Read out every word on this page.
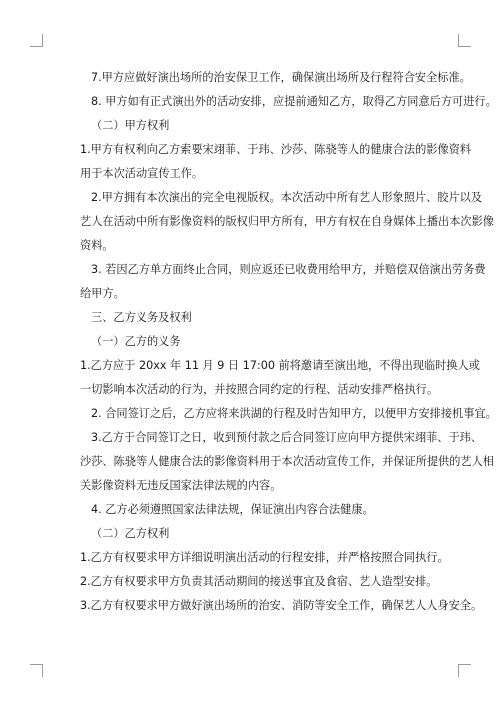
7.甲方应做好演出场所的治安保卫工作，确保演出场所及行程符合安全标准。
8. 甲方如有正式演出外的活动安排，应提前通知乙方，取得乙方同意后方可进行。
（二）甲方权利
1.甲方有权利向乙方索要宋翊菲、于玮、沙莎、陈骁等人的健康合法的影像资料
用于本次活动宣传工作。
2.甲方拥有本次演出的完全电视版权。本次活动中所有艺人形象照片、胶片以及
艺人在活动中所有影像资料的版权归甲方所有，甲方有权在自身媒体上播出本次影像
资料。
3. 若因乙方单方面终止合同，则应返还已收费用给甲方，并赔偿双倍演出劳务费
给甲方。
三、乙方义务及权利
（一）乙方的义务
1.乙方应于 20xx 年 11 月 9 日 17:00 前将邀请至演出地，不得出现临时换人或
一切影响本次活动的行为，并按照合同约定的行程、活动安排严格执行。
2. 合同签订之后，乙方应将来洪湖的行程及时告知甲方，以便甲方安排接机事宜。
3.乙方于合同签订之日，收到预付款之后合同签订应向甲方提供宋翊菲、于玮、
沙莎、陈骁等人健康合法的影像资料用于本次活动宣传工作，并保证所提供的艺人相
关影像资料无违反国家法律法规的内容。
4. 乙方必须遵照国家法律法规，保证演出内容合法健康。
（二）乙方权利
1.乙方有权要求甲方详细说明演出活动的行程安排，并严格按照合同执行。
2.乙方有权要求甲方负责其活动期间的接送事宜及食宿、艺人造型安排。
3.乙方有权要求甲方做好演出场所的治安、消防等安全工作，确保艺人人身安全。
